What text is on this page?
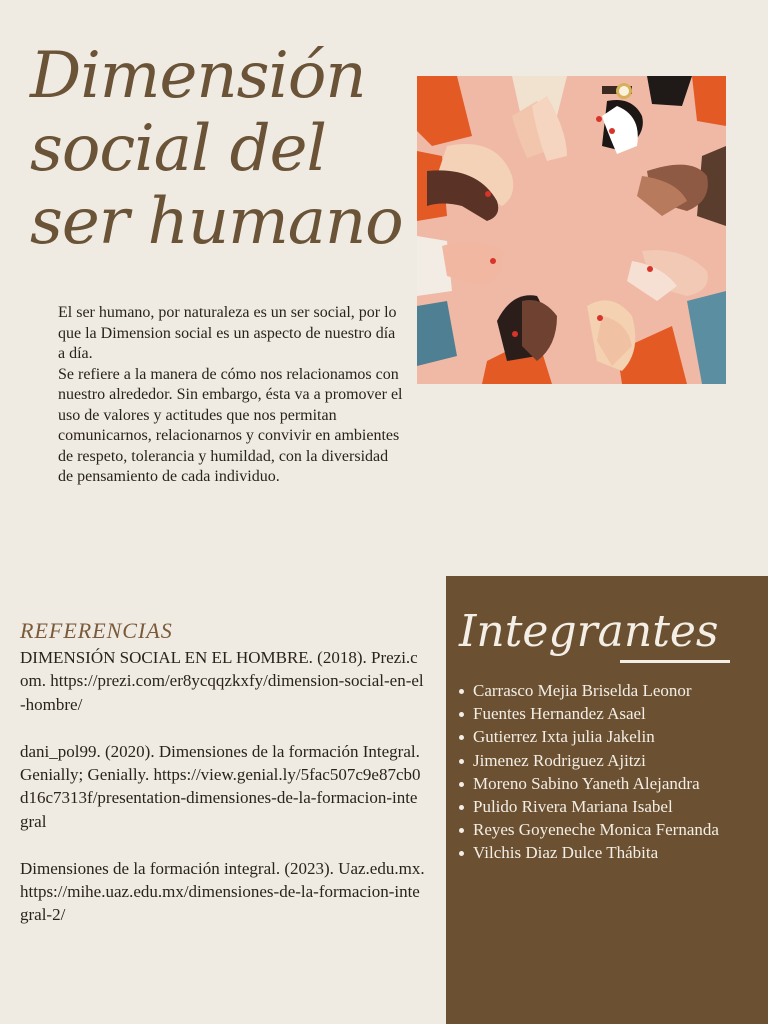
Dimensión
social del
ser humano

El ser humano, por naturaleza es un ser social, por lo que la Dimension social es un aspecto de nuestro día a día.
Se refiere a la manera de cómo nos relacionamos con nuestro alrededor. Sin embargo, ésta va a promover el uso de valores y actitudes que nos permitan comunicarnos, relacionarnos y convivir en ambientes de respeto, tolerancia y humildad, con la diversidad de pensamiento de cada individuo.

REFERENCIAS

DIMENSIÓN SOCIAL EN EL HOMBRE. (2018). Prezi.com. https://prezi.com/er8ycqqzkxfy/dimension-social-en-el-hombre/

dani_pol99. (2020). Dimensiones de la formación Integral. Genially; Genially. https://view.genial.ly/5fac507c9e87cb0d16c7313f/presentation-dimensiones-de-la-formacion-integral

Dimensiones de la formación integral. (2023). Uaz.edu.mx. https://mihe.uaz.edu.mx/dimensiones-de-la-formacion-integral-2/

Integrantes
Carrasco Mejia Briselda Leonor
Fuentes Hernandez Asael
Gutierrez Ixta julia Jakelin
Jimenez Rodriguez Ajitzi
Moreno Sabino Yaneth Alejandra
Pulido Rivera Mariana Isabel
Reyes Goyeneche Monica Fernanda
Vilchis Diaz Dulce Thábita
